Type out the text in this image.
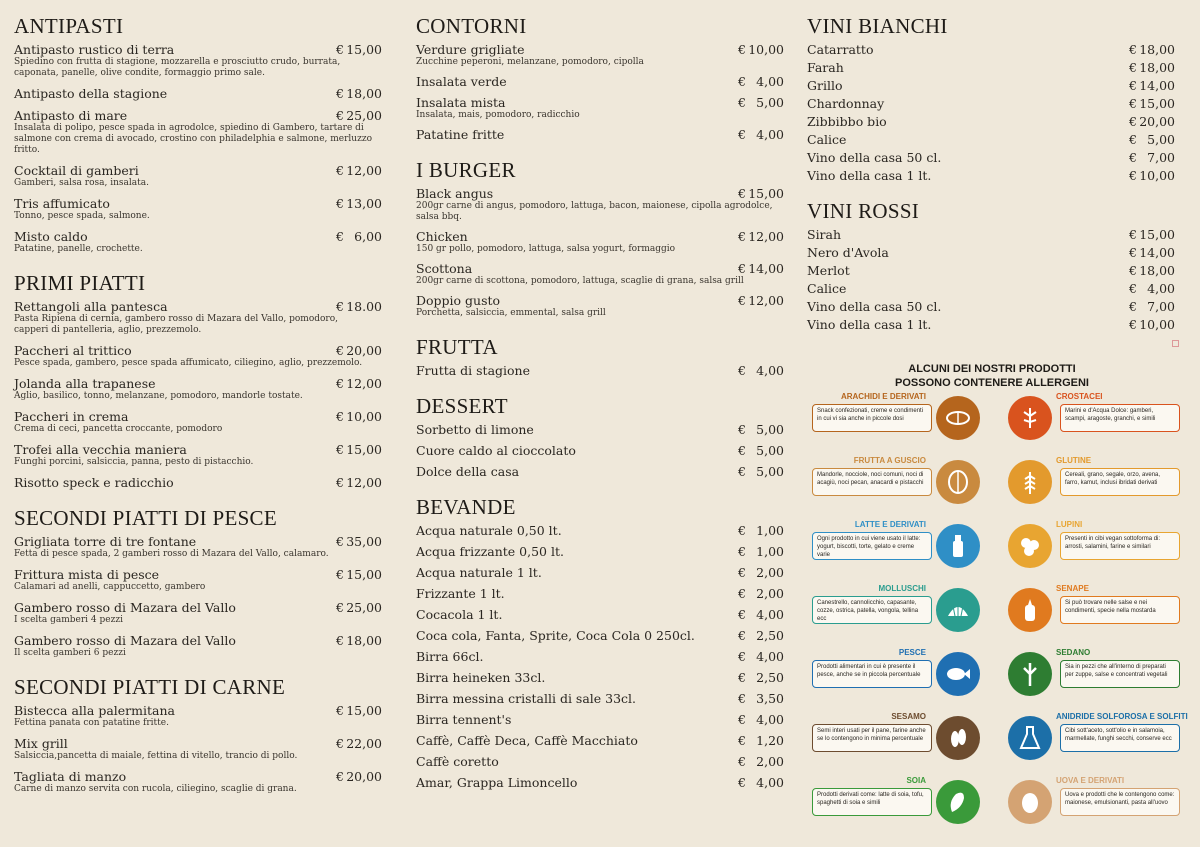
ANTIPASTI
Antipasto rustico di terra	€ 15,00
Spiedino con frutta di stagione, mozzarella e prosciutto crudo, burrata, caponata, panelle, olive condite, formaggio primo sale.
Antipasto della stagione	€ 18,00
Antipasto di mare	€ 25,00
Insalata di polipo, pesce spada in agrodolce, spiedino di Gambero, tartare di salmone con crema di avocado, crostino con philadelphia e salmone, merluzzo fritto.
Cocktail di gamberi	€ 12,00
Gamberi, salsa rosa, insalata.
Tris affumicato	€ 13,00
Tonno, pesce spada, salmone.
Misto caldo	€ 6,00
Patatine, panelle, crochette.
PRIMI PIATTI
Rettangoli alla pantesca	€ 18.00
Pasta Ripiena di cernia, gambero rosso di Mazara del Vallo, pomodoro, capperi di pantelleria, aglio, prezzemolo.
Paccheri al trittico	€ 20,00
Pesce spada, gambero, pesce spada affumicato, ciliegino, aglio, prezzemolo.
Jolanda alla trapanese	€ 12,00
Aglio, basilico, tonno, melanzane, pomodoro, mandorle tostate.
Paccheri in crema	€ 10,00
Crema di ceci, pancetta croccante, pomodoro
Trofei alla vecchia maniera	€ 15,00
Funghi porcini, salsiccia, panna, pesto di pistacchio.
Risotto speck e radicchio	€ 12,00
SECONDI PIATTI DI PESCE
Grigliata torre di tre fontane	€ 35,00
Fetta di pesce spada, 2 gamberi rosso di Mazara del Vallo, calamaro.
Frittura mista di pesce	€ 15,00
Calamari ad anelli, cappuccetto, gambero
Gambero rosso di Mazara del Vallo	€ 25,00
I scelta gamberi 4 pezzi
Gambero rosso di Mazara del Vallo	€ 18,00
Il scelta gamberi 6 pezzi
SECONDI PIATTI DI CARNE
Bistecca alla palermitana	€ 15,00
Fettina panata con patatine fritte.
Mix grill	€ 22,00
Salsiccia,pancetta di maiale, fettina di vitello, trancio di pollo.
Tagliata di manzo	€ 20,00
Carne di manzo servita con rucola, ciliegino, scaglie di grana.
CONTORNI
Verdure grigliate	€ 10,00
Zucchine peperoni, melanzane, pomodoro, cipolla
Insalata verde	€ 4,00
Insalata mista	€ 5,00
Insalata, mais, pomodoro, radicchio
Patatine fritte	€ 4,00
I BURGER
Black angus	€ 15,00
200gr carne di angus, pomodoro, lattuga, bacon, maionese, cipolla agrodolce, salsa bbq.
Chicken	€ 12,00
150 gr pollo, pomodoro, lattuga, salsa yogurt, formaggio
Scottona	€ 14,00
200gr carne di scottona, pomodoro, lattuga, scaglie di grana, salsa grill
Doppio gusto	€ 12,00
Porchetta, salsiccia, emmental, salsa grill
FRUTTA
Frutta di stagione	€ 4,00
DESSERT
Sorbetto di limone	€ 5,00
Cuore caldo al cioccolato	€ 5,00
Dolce della casa	€ 5,00
BEVANDE
Acqua naturale 0,50 lt.	€ 1,00
Acqua frizzante 0,50 lt.	€ 1,00
Acqua naturale 1 lt.	€ 2,00
Frizzante 1 lt.	€ 2,00
Cocacola 1 lt.	€ 4,00
Coca cola, Fanta, Sprite, Coca Cola 0 250cl.	€ 2,50
Birra 66cl.	€ 4,00
Birra heineken 33cl.	€ 2,50
Birra messina cristalli di sale 33cl.	€ 3,50
Birra tennent's	€ 4,00
Caffè, Caffè Deca, Caffè Macchiato	€ 1,20
Caffè coretto	€ 2,00
Amar, Grappa Limoncello	€ 4,00
VINI BIANCHI
Catarratto	€ 18,00
Farah	€ 18,00
Grillo	€ 14,00
Chardonnay	€ 15,00
Zibbibbo bio	€ 20,00
Calice	€ 5,00
Vino della casa 50 cl.	€ 7,00
Vino della casa 1 lt.	€ 10,00
VINI ROSSI
Sirah	€ 15,00
Nero d'Avola	€ 14,00
Merlot	€ 18,00
Calice	€ 4,00
Vino della casa 50 cl.	€ 7,00
Vino della casa 1 lt.	€ 10,00
ALCUNI DEI NOSTRI PRODOTTI
POSSONO CONTENERE ALLERGENI
ARACHIDI E DERIVATI
Snack confezionati, creme e condimenti in cui vi sia anche in piccole dosi
CROSTACEI
Marini e d'Acqua Dolce: gamberi, scampi, aragoste, granchi, e simili
FRUTTA A GUSCIO
Mandorle, nocciole, noci comuni, noci di acagiù, noci pecan, anacardi e pistacchi
GLUTINE
Cereali, grano, segale, orzo, avena, farro, kamut, inclusi ibridati derivati
LATTE E DERIVATI
Ogni prodotto in cui viene usato il latte: yogurt, biscotti, torte, gelato e creme varie
LUPINI
Presenti in cibi vegan sottoforma di: arrosti, salamini, farine e similari
MOLLUSCHI
Canestrello, cannolicchio, capasante, cozze, ostrica, patella, vongola, tellina ecc
SENAPE
Si può trovare nelle salse e nei condimenti, specie nella mostarda
PESCE
Prodotti alimentari in cui è presente il pesce, anche se in piccola percentuale
SEDANO
Sia in pezzi che all'interno di preparati per zuppe, salse e concentrati vegetali
SESAMO
Semi interi usati per il pane, farine anche se lo contengono in minima percentuale
ANIDRIDE SOLFOROSA E SOLFITI
Cibi sott'aceto, sott'olio e in salamoia, marmellate, funghi secchi, conserve ecc
SOIA
Prodotti derivati come: latte di soia, tofu, spaghetti di soia e simili
UOVA E DERIVATI
Uova e prodotti che le contengono come: maionese, emulsionanti, pasta all'uovo
